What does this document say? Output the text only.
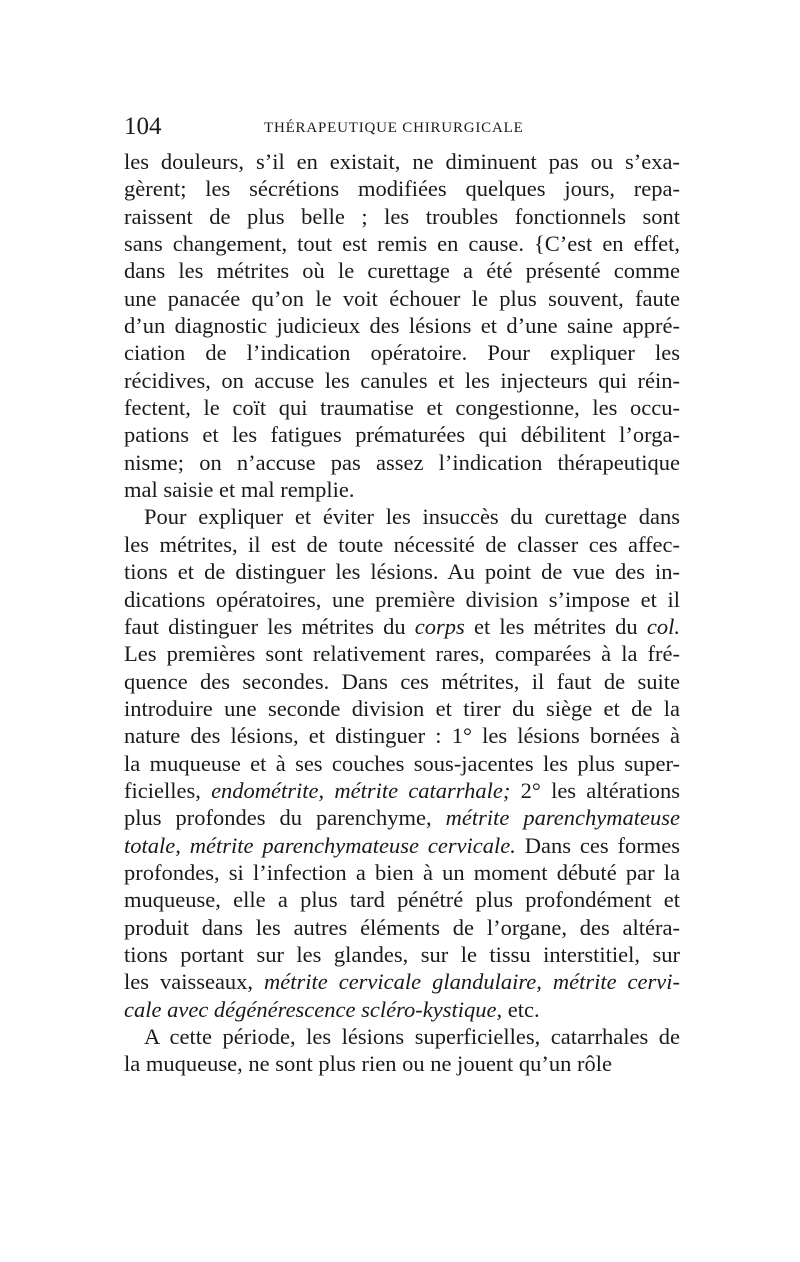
104	THÉRAPEUTIQUE CHIRURGICALE
les douleurs, s’il en existait, ne diminuent pas ou s’exa-
gèrent; les sécrétions modifiées quelques jours, repa-
raissent de plus belle ; les troubles fonctionnels sont
sans changement, tout est remis en cause. {C’est en effet,
dans les métrites où le curettage a été présenté comme
une panacée qu’on le voit échouer le plus souvent, faute
d’un diagnostic judicieux des lésions et d’une saine appré-
ciation de l’indication opératoire. Pour expliquer les
récidives, on accuse les canules et les injecteurs qui réin-
fectent, le coït qui traumatise et congestionne, les occu-
pations et les fatigues prématurées qui débilitent l’orga-
nisme; on n’accuse pas assez l’indication thérapeutique
mal saisie et mal remplie.
Pour expliquer et éviter les insuccès du curettage dans
les métrites, il est de toute nécessité de classer ces affec-
tions et de distinguer les lésions. Au point de vue des in-
dications opératoires, une première division s’impose et il
faut distinguer les métrites du corps et les métrites du col.
Les premières sont relativement rares, comparées à la fré-
quence des secondes. Dans ces métrites, il faut de suite
introduire une seconde division et tirer du siège et de la
nature des lésions, et distinguer : 1° les lésions bornées à
la muqueuse et à ses couches sous-jacentes les plus super-
ficielles, endométrite, métrite catarrhale; 2° les altérations
plus profondes du parenchyme, métrite parenchymateuse
totale, métrite parenchymateuse cervicale. Dans ces formes
profondes, si l’infection a bien à un moment débuté par la
muqueuse, elle a plus tard pénétré plus profondément et
produit dans les autres éléments de l’organe, des altéra-
tions portant sur les glandes, sur le tissu interstitiel, sur
les vaisseaux, métrite cervicale glandulaire, métrite cervi-
cale avec dégénérescence scléro-kystique, etc.
A cette période, les lésions superficielles, catarrhales de
la muqueuse, ne sont plus rien ou ne jouent qu’un rôle
